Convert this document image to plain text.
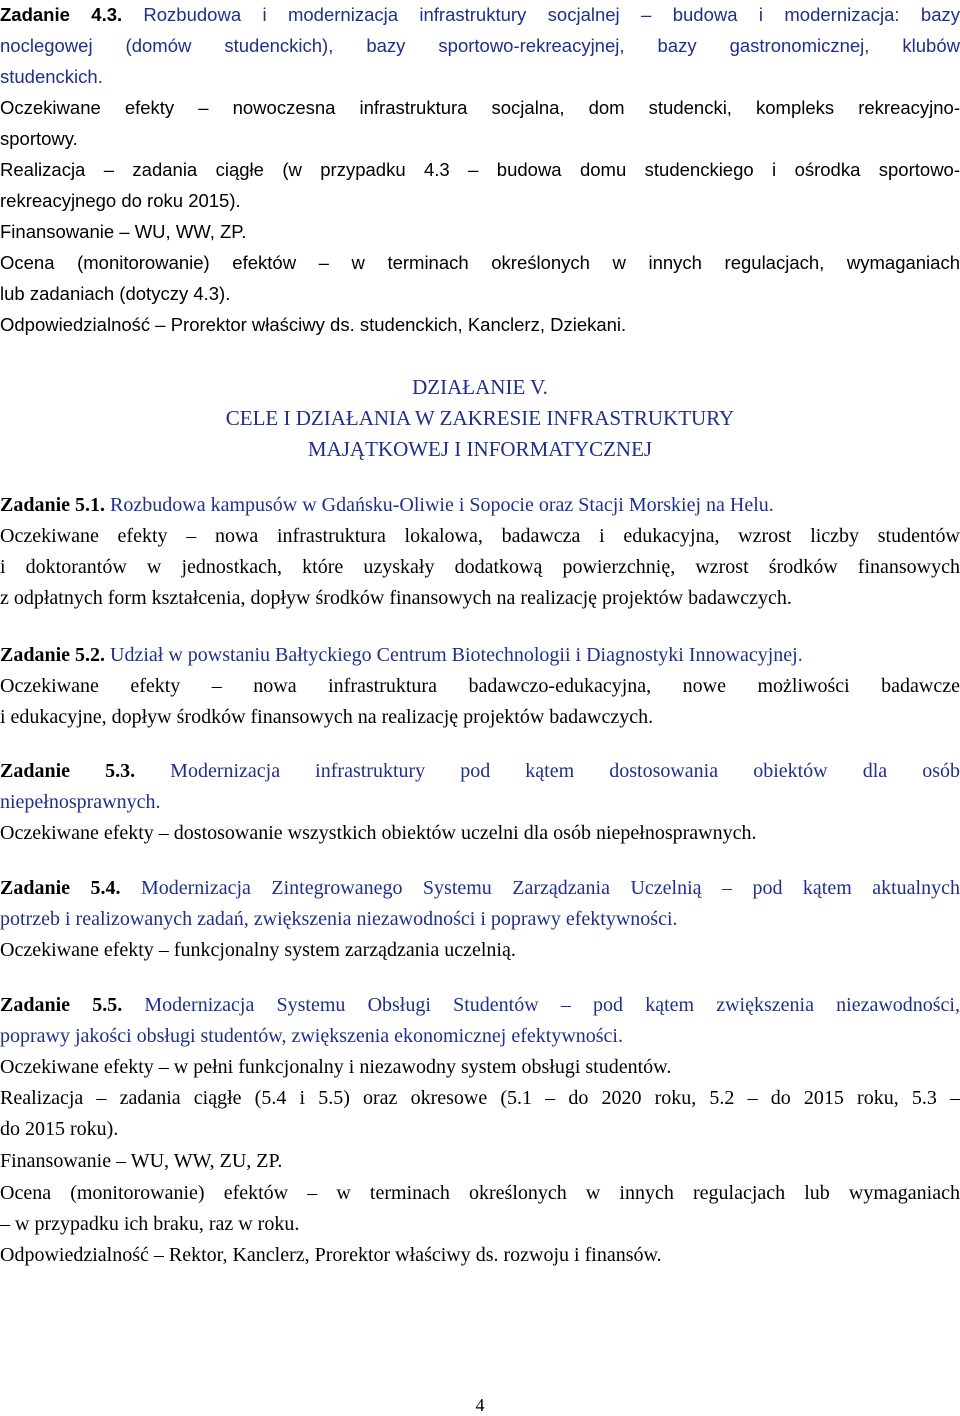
Zadanie 4.3. Rozbudowa i modernizacja infrastruktury socjalnej – budowa i modernizacja: bazy
noclegowej (domów studenckich), bazy sportowo-rekreacyjnej, bazy gastronomicznej, klubów
studenckich.
Oczekiwane efekty – nowoczesna infrastruktura socjalna, dom studencki, kompleks rekreacyjno-
sportowy.
Realizacja – zadania ciągłe (w przypadku 4.3 – budowa domu studenckiego i ośrodka sportowo-
rekreacyjnego do roku 2015).
Finansowanie – WU, WW, ZP.
Ocena (monitorowanie) efektów – w terminach określonych w innych regulacjach, wymaganiach
lub zadaniach (dotyczy 4.3).
Odpowiedzialność – Prorektor właściwy ds. studenckich, Kanclerz, Dziekani.
DZIAŁANIE V.
CELE I DZIAŁANIA W ZAKRESIE INFRASTRUKTURY
MAJĄTKOWEJ I INFORMATYCZNEJ
Zadanie 5.1. Rozbudowa kampusów w Gdańsku-Oliwie i Sopocie oraz Stacji Morskiej na Helu.
Oczekiwane efekty – nowa infrastruktura lokalowa, badawcza i edukacyjna, wzrost liczby studentów
i doktorantów w jednostkach, które uzyskały dodatkową powierzchnię, wzrost środków finansowych
z odpłatnych form kształcenia, dopływ środków finansowych na realizację projektów badawczych.
Zadanie 5.2. Udział w powstaniu Bałtyckiego Centrum Biotechnologii i Diagnostyki Innowacyjnej.
Oczekiwane efekty – nowa infrastruktura badawczo-edukacyjna, nowe możliwości badawcze
i edukacyjne, dopływ środków finansowych na realizację projektów badawczych.
Zadanie 5.3. Modernizacja infrastruktury pod kątem dostosowania obiektów dla osób
niepełnosprawnych.
Oczekiwane efekty – dostosowanie wszystkich obiektów uczelni dla osób niepełnosprawnych.
Zadanie 5.4. Modernizacja Zintegrowanego Systemu Zarządzania Uczelnią – pod kątem aktualnych
potrzeb i realizowanych zadań, zwiększenia niezawodności i poprawy efektywności.
Oczekiwane efekty – funkcjonalny system zarządzania uczelnią.
Zadanie 5.5. Modernizacja Systemu Obsługi Studentów – pod kątem zwiększenia niezawodności,
poprawy jakości obsługi studentów, zwiększenia ekonomicznej efektywności.
Oczekiwane efekty – w pełni funkcjonalny i niezawodny system obsługi studentów.
Realizacja – zadania ciągłe (5.4 i 5.5) oraz okresowe (5.1 – do 2020 roku, 5.2 – do 2015 roku, 5.3 –
do 2015 roku).
Finansowanie – WU, WW, ZU, ZP.
Ocena (monitorowanie) efektów – w terminach określonych w innych regulacjach lub wymaganiach
– w przypadku ich braku, raz w roku.
Odpowiedzialność – Rektor, Kanclerz, Prorektor właściwy ds. rozwoju i finansów.
4
